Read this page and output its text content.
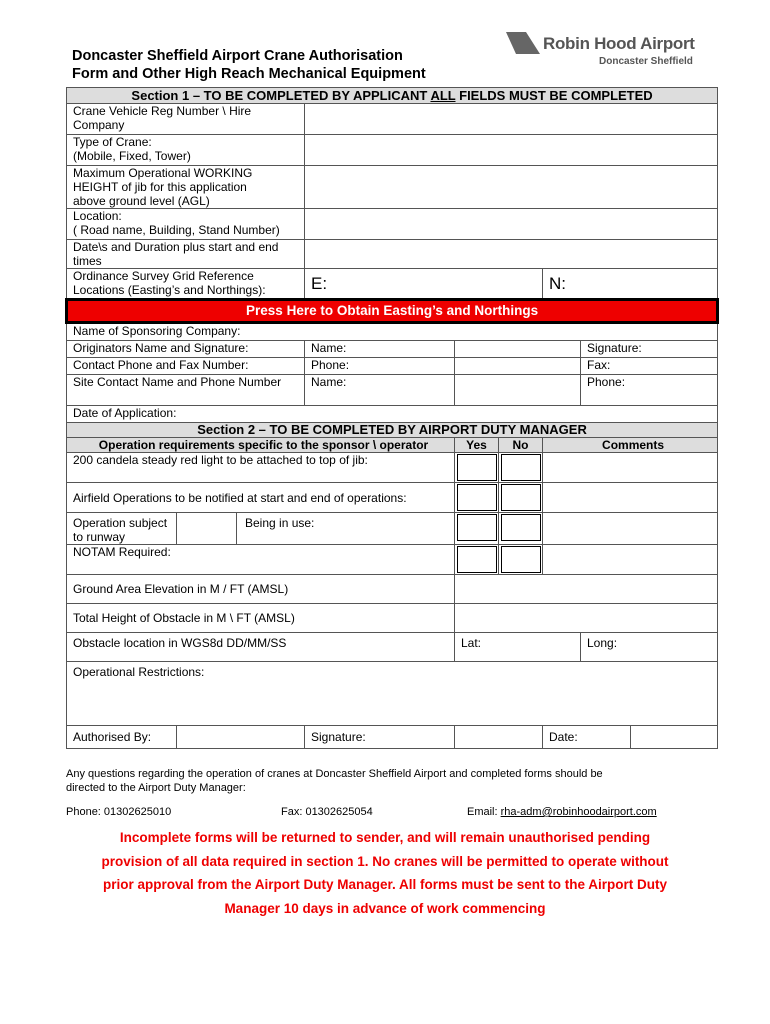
Doncaster Sheffield Airport Crane Authorisation
Form and Other High Reach Mechanical Equipment
Robin Hood Airport
Doncaster Sheffield
Section 1 – TO BE COMPLETED BY APPLICANT ALL FIELDS MUST BE COMPLETED								
Crane Vehicle Reg Number \ Hire Company								

Type of Crane:
(Mobile, Fixed, Tower)								

Maximum Operational WORKING
HEIGHT of jib for this application
above ground level (AGL)								

Location:
( Road name, Building, Stand Number)								

Date\s and Duration plus start and end times								

Ordinance Survey Grid Reference
Locations (Easting’s and Northings):			E:			N:		
Press Here to Obtain Easting’s and Northings								
Name of Sponsoring Company:								
Originators Name and Signature:			Name:				Signature:	
Contact Phone and Fax Number:			Phone:				Fax:	
Site Contact Name and Phone Number			Name:				Phone:	
Date of Application:								
Section 2 – TO BE COMPLETED BY AIRPORT DUTY MANAGER								
Operation requirements specific to the sponsor \ operator				Yes	No	Comments		
200 candela steady red light to be attached to top of jib:						

Airfield Operations to be notified at start and end of operations:						

Operation subject to runway		Being in use:				

NOTAM Required:						

Ground Area Elevation in M / FT (AMSL)								
Total Height of Obstacle in M \ FT (AMSL)								
Obstacle location in WGS8d DD/MM/SS				Lat:			Long:	
Operational Restrictions:								
Authorised By:			Signature:			Date:		
Any questions regarding the operation of cranes at Doncaster Sheffield Airport and completed forms should be
directed to the Airport Duty Manager:
Phone: 01302625010	Fax: 01302625054	Email: rha-adm@robinhoodairport.com
Incomplete forms will be returned to sender, and will remain unauthorised pending
provision of all data required in section 1. No cranes will be permitted to operate without
prior approval from the Airport Duty Manager. All forms must be sent to the Airport Duty
Manager 10 days in advance of work commencing
